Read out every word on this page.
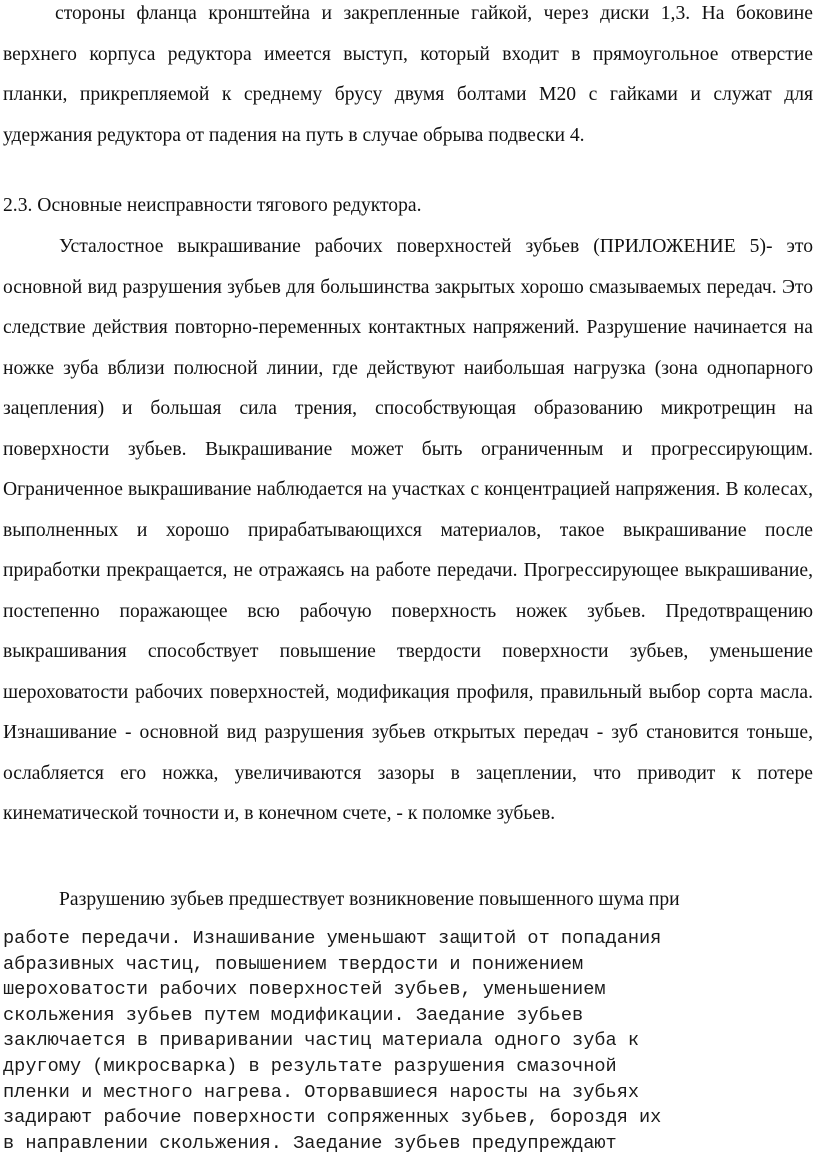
стороны фланца кронштейна и закрепленные гайкой, через диски 1,3. На боковине верхнего корпуса редуктора имеется выступ, который входит в прямоугольное отверстие планки, прикрепляемой к среднему брусу двумя болтами М20 с гайками и служат для удержания редуктора от падения на путь в случае обрыва подвески 4.

2.3. Основные неисправности тягового редуктора.

Усталостное выкрашивание рабочих поверхностей зубьев (ПРИЛОЖЕНИЕ 5)- это основной вид разрушения зубьев для большинства закрытых хорошо смазываемых передач. Это следствие действия повторно-переменных контактных напряжений. Разрушение начинается на ножке зуба вблизи полюсной линии, где действуют наибольшая нагрузка (зона однопарного зацепления) и большая сила трения, способствующая образованию микротрещин на поверхности зубьев. Выкрашивание может быть ограниченным и прогрессирующим. Ограниченное выкрашивание наблюдается на участках с концентрацией напряжения. В колесах, выполненных и хорошо прирабатывающихся материалов, такое выкрашивание после приработки прекращается, не отражаясь на работе передачи. Прогрессирующее выкрашивание, постепенно поражающее всю рабочую поверхность ножек зубьев. Предотвращению выкрашивания способствует повышение твердости поверхности зубьев, уменьшение шероховатости рабочих поверхностей, модификация профиля, правильный выбор сорта масла. Изнашивание - основной вид разрушения зубьев открытых передач - зуб становится тоньше, ослабляется его ножка, увеличиваются зазоры в зацеплении, что приводит к потере кинематической точности и, в конечном счете, - к поломке зубьев.

Разрушению зубьев предшествует возникновение повышенного шума при
работе передачи. Изнашивание уменьшают защитой от попадания
абразивных частиц, повышением твердости и понижением
шероховатости рабочих поверхностей зубьев, уменьшением
скольжения зубьев путем модификации. Заедание зубьев
заключается в приваривании частиц материала одного зуба к
другому (микросварка) в результате разрушения смазочной
пленки и местного нагрева. Оторвавшиеся наросты на зубьях
задирают рабочие поверхности сопряженных зубьев, бороздя их
в направлении скольжения. Заедание зубьев предупреждают
